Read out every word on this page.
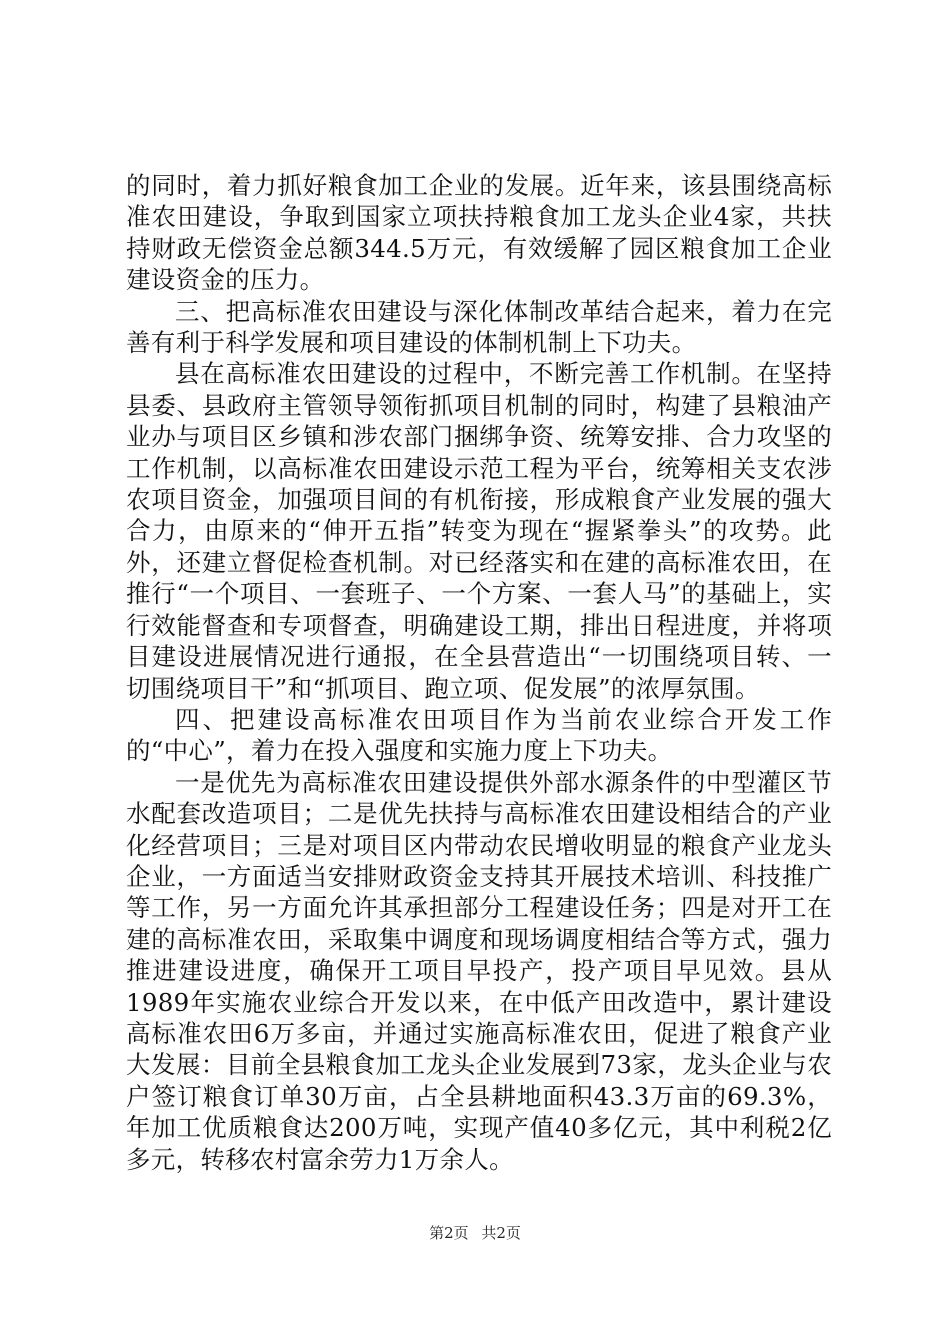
的同时，着力抓好粮食加工企业的发展。近年来，该县围绕高标准农田建设，争取到国家立项扶持粮食加工龙头企业4家，共扶持财政无偿资金总额344.5万元，有效缓解了园区粮食加工企业建设资金的压力。

三、把高标准农田建设与深化体制改革结合起来，着力在完善有利于科学发展和项目建设的体制机制上下功夫。

县在高标准农田建设的过程中，不断完善工作机制。在坚持县委、县政府主管领导领衔抓项目机制的同时，构建了县粮油产业办与项目区乡镇和涉农部门捆绑争资、统筹安排、合力攻坚的工作机制，以高标准农田建设示范工程为平台，统筹相关支农涉农项目资金，加强项目间的有机衔接，形成粮食产业发展的强大合力，由原来的“伸开五指”转变为现在“握紧拳头”的攻势。此外，还建立督促检查机制。对已经落实和在建的高标准农田，在推行“一个项目、一套班子、一个方案、一套人马”的基础上，实行效能督查和专项督查，明确建设工期，排出日程进度，并将项目建设进展情况进行通报，在全县营造出“一切围绕项目转、一切围绕项目干”和“抓项目、跑立项、促发展”的浓厚氛围。

四、把建设高标准农田项目作为当前农业综合开发工作的“中心”，着力在投入强度和实施力度上下功夫。

一是优先为高标准农田建设提供外部水源条件的中型灌区节水配套改造项目；二是优先扶持与高标准农田建设相结合的产业化经营项目；三是对项目区内带动农民增收明显的粮食产业龙头企业，一方面适当安排财政资金支持其开展技术培训、科技推广等工作，另一方面允许其承担部分工程建设任务；四是对开工在建的高标准农田，采取集中调度和现场调度相结合等方式，强力推进建设进度，确保开工项目早投产，投产项目早见效。县从1989年实施农业综合开发以来，在中低产田改造中，累计建设高标准农田6万多亩，并通过实施高标准农田，促进了粮食产业大发展：目前全县粮食加工龙头企业发展到73家，龙头企业与农户签订粮食订单30万亩，占全县耕地面积43.3万亩的69.3%，年加工优质粮食达200万吨，实现产值40多亿元，其中利税2亿多元，转移农村富余劳力1万余人。

第2页 共2页
